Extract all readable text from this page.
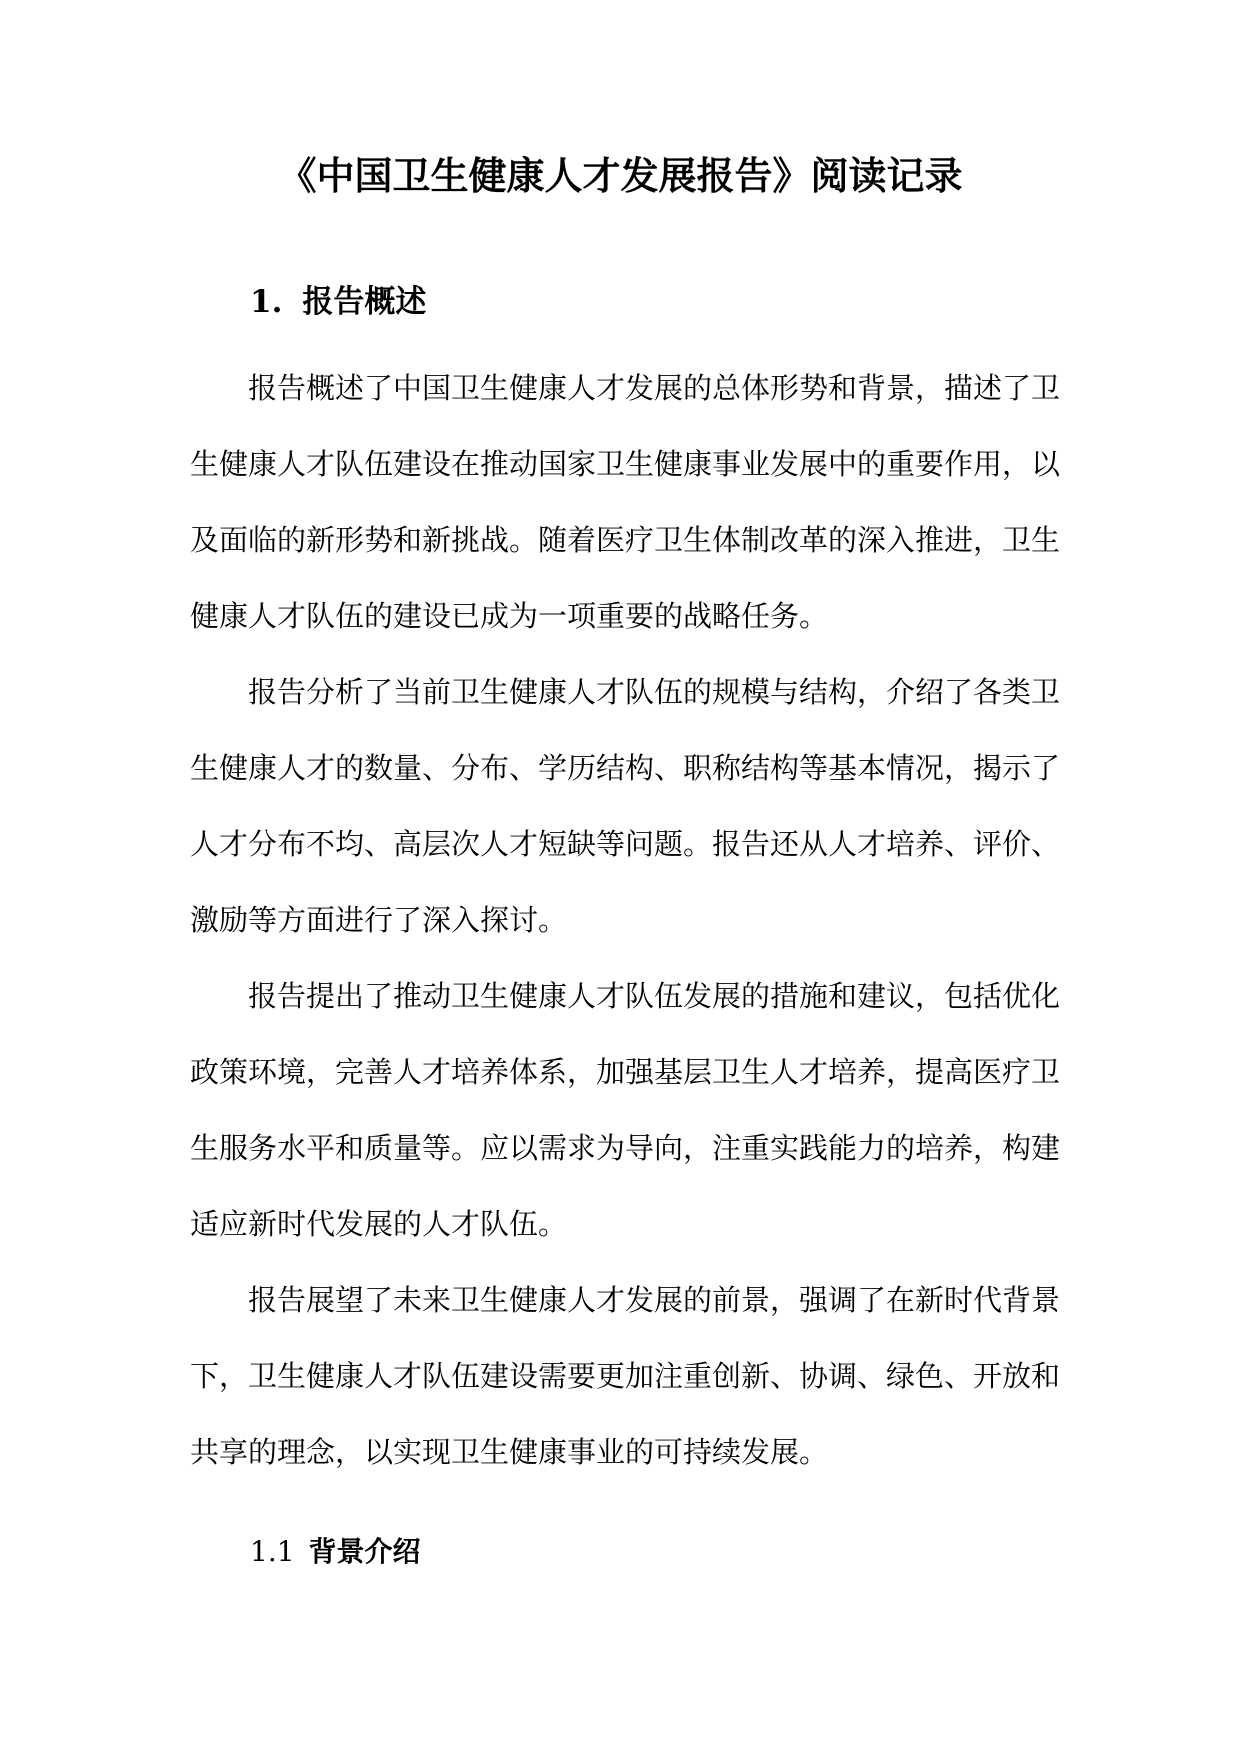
《中国卫生健康人才发展报告》阅读记录
1. 报告概述
报告概述了中国卫生健康人才发展的总体形势和背景，描述了卫
生健康人才队伍建设在推动国家卫生健康事业发展中的重要作用，以
及面临的新形势和新挑战。随着医疗卫生体制改革的深入推进，卫生
健康人才队伍的建设已成为一项重要的战略任务。
报告分析了当前卫生健康人才队伍的规模与结构，介绍了各类卫
生健康人才的数量、分布、学历结构、职称结构等基本情况，揭示了
人才分布不均、高层次人才短缺等问题。报告还从人才培养、评价、
激励等方面进行了深入探讨。
报告提出了推动卫生健康人才队伍发展的措施和建议，包括优化
政策环境，完善人才培养体系，加强基层卫生人才培养，提高医疗卫
生服务水平和质量等。应以需求为导向，注重实践能力的培养，构建
适应新时代发展的人才队伍。
报告展望了未来卫生健康人才发展的前景，强调了在新时代背景
下，卫生健康人才队伍建设需要更加注重创新、协调、绿色、开放和
共享的理念，以实现卫生健康事业的可持续发展。
1.1 背景介绍
